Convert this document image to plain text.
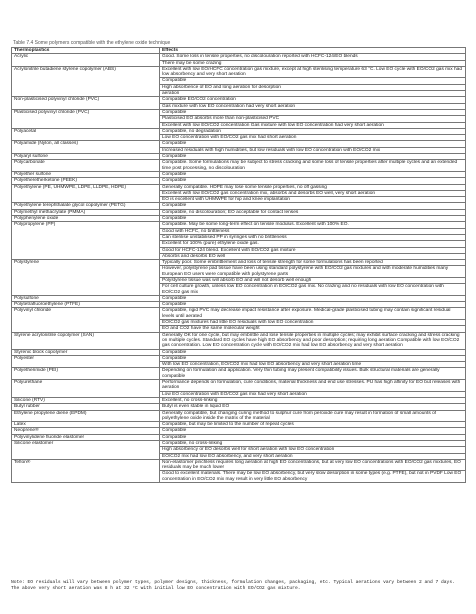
Table 7.4 Some polymers compatible with the ethylene oxide technique
Thermoplastics	Effects
Acrylic	Good. Some loss in tensile properties, no discolouration reported with HCFC-124/EO blends
	There may be some crazing
Acrylonitrile butadiene styrene copolymer (ABS)	Excellent with low EO/HCFC concentration gas mixture, except at high sterilising temperature 63 °C. Low EO cycle with EO/CO2 gas mix had low absorbency and very short aeration
	Compatible
	High absorbence of EO and long aeration for desorption
	aeration
Non-plasticised polyvinyl chloride (PVC)	Compatible EO/CO2 concentration
	Gas mixture with low EO concentration had very short aeration
Plasticised polyvinyl chloride (PVC)	Compatible
	Plasticised EO absorbs more than non-plasticised PVC
	Excellent with low EO/CO2 concentration Gas mixture with low EO concentration had very short aeration
Polyacetal	Compatible, no degradation
	Low EO concentration with EO/CO2 gas mix had short aeration
Polyamide (Nylon, all classes)	Compatible
	Increased residuals with high humidities, but low residuals with low EO concentration with EO/CO2 mix
Polyaryl sulfone	Compatible
Polycarbonate	Compatible. Some formulations may be subject to stress cracking and some loss of tensile properties after multiple cycles and an extended time post processing, no discolouration
Polyether sulfone	Compatible
Polyetheretherketone (PEEK)	Compatible
Polyethylene (PE, UHMWPE, LDPE, LLDPE, HDPE)	Generally compatible. HDPE may lose some tensile properties, no off gassing
	Excellent with low EO/CO2 gas concentration mix, absorbs and desorbs EO well, very short aeration
	EO is excellent with UHMWPE for hip and knee implantation
Polyethylene terephthalate glycol copolymer (PETG)	Compatible
Polymethyl methacrylate (PMMA)	Compatible, no discolouration; EO acceptable for contact lenses
Polyphenylene oxide	Compatible
Polypropylene (PP)	Compatible. May be some long-term effect on tensile modulus. Excellent with 100% EO.
	Good with HCFC, no brittleness
	Can sterilise unstabilised PP in syringes with no brittleness
	Excellent for 100% (pure) ethylene oxide gas.
	Good for HCFC-124 blend. Excellent with EO/CO2 gas mixture
	Absorbs and desorbs EO well
Polystyrene	Typically poor. Some embrittlement and loss of tensile strength for some formulations has been reported
	However, polystyrene pad tissue have been using standard polystyrene with EO/CO2 gas mixtures and with moderate humidities many European EO users were compatible with polystyrene parts
	Polystyrene tissue was will absorb EO and will not desorb well enough
	For cell culture growth, unless low EO concentration in EO/CO2 gas mix. No crazing and no residuals with low EO concentration with EO/CO2 gas mix
Polysulfone	Compatible
Polytetrafluoroethylene (PTFE)	Compatible
Polyvinyl chloride	Compatible, rigid PVC may decrease impact resistance after exposure. Medical-grade plasticised tubing may contain significant residual levels until aerated
	EO/CO2 gas mixtures had little EO residuals with low EO concentration
	EO and CO2 have the same molecular weight
Styrene acrylonitrile copolymer (SAN)	Generally OK for one cycle, but may embrittle and lose tensile properties in multiple cycles; may exhibit surface cracking and stress cracking on multiple cycles. Standard EO cycles have high EO absorbency and poor desorption; requiring long aeration Compatible with low EO/CO2 gas concentration. Low EO concentration cycle with EO/CO2 mix had low EO absorbency and very short aeration
Styrenic block copolymer	Compatible
Polyester	Compatible
	With low EO concentration, EO/CO2 mix had low EO absorbency and very short aeration time
Polyetherimide (PEI)	Depending on formulation and application. Very thin tubing may present compatibility issues. Bulk structural materials are generally compatible
Polyurethane	Performance depends on formulation, cure conditions, material thickness and end use stresses. PU has high affinity for EO but releases with aeration
	Low EO concentration with EO/CO2 gas mix had very short aeration
Silicone (RTV)	Excellent, no cross-linking
Butyl rubber	Butyl is even stable in liquid EO
Ethylene propylene diene (EPDM)	Generally compatible, but changing curing method to sulphur cure from peroxide cure may result in formation of small amounts of polyethylene oxide inside the matrix of the material
Latex	Compatible, but may be limited to the number of repeat cycles
Neoprene®	Compatible
Polyvinylidene fluoride elastomer	Compatible
Silicone elastomer	Compatible, no cross-linking
	High absorbency or EO desorbs well for short aeration with low EO concentration
	EO/CO2 mix had low EO absorbency, and very short aeration
Teflon®	Non-elastomer pinchless requires long aeration at high EO concentrations, but at very low EO concentrations with EO/CO2 gas mixtures, EO residuals may be much lower
	Good to excellent materials. There may be low EO absorbency, but very slow desorption in some types (e.g. PTFE), but not in PVDF Low EO concentration in EO/CO2 mix may result in very little EO absorbency
Note: EO residuals will vary between polymer types, polymer designs, thickness, formulation changes, packaging, etc. Typical aerations vary between 2 and 7 days. The above very short aeration was 8 h at 32 °C with initial low EO concentration with EO/CO2 gas mixture.
